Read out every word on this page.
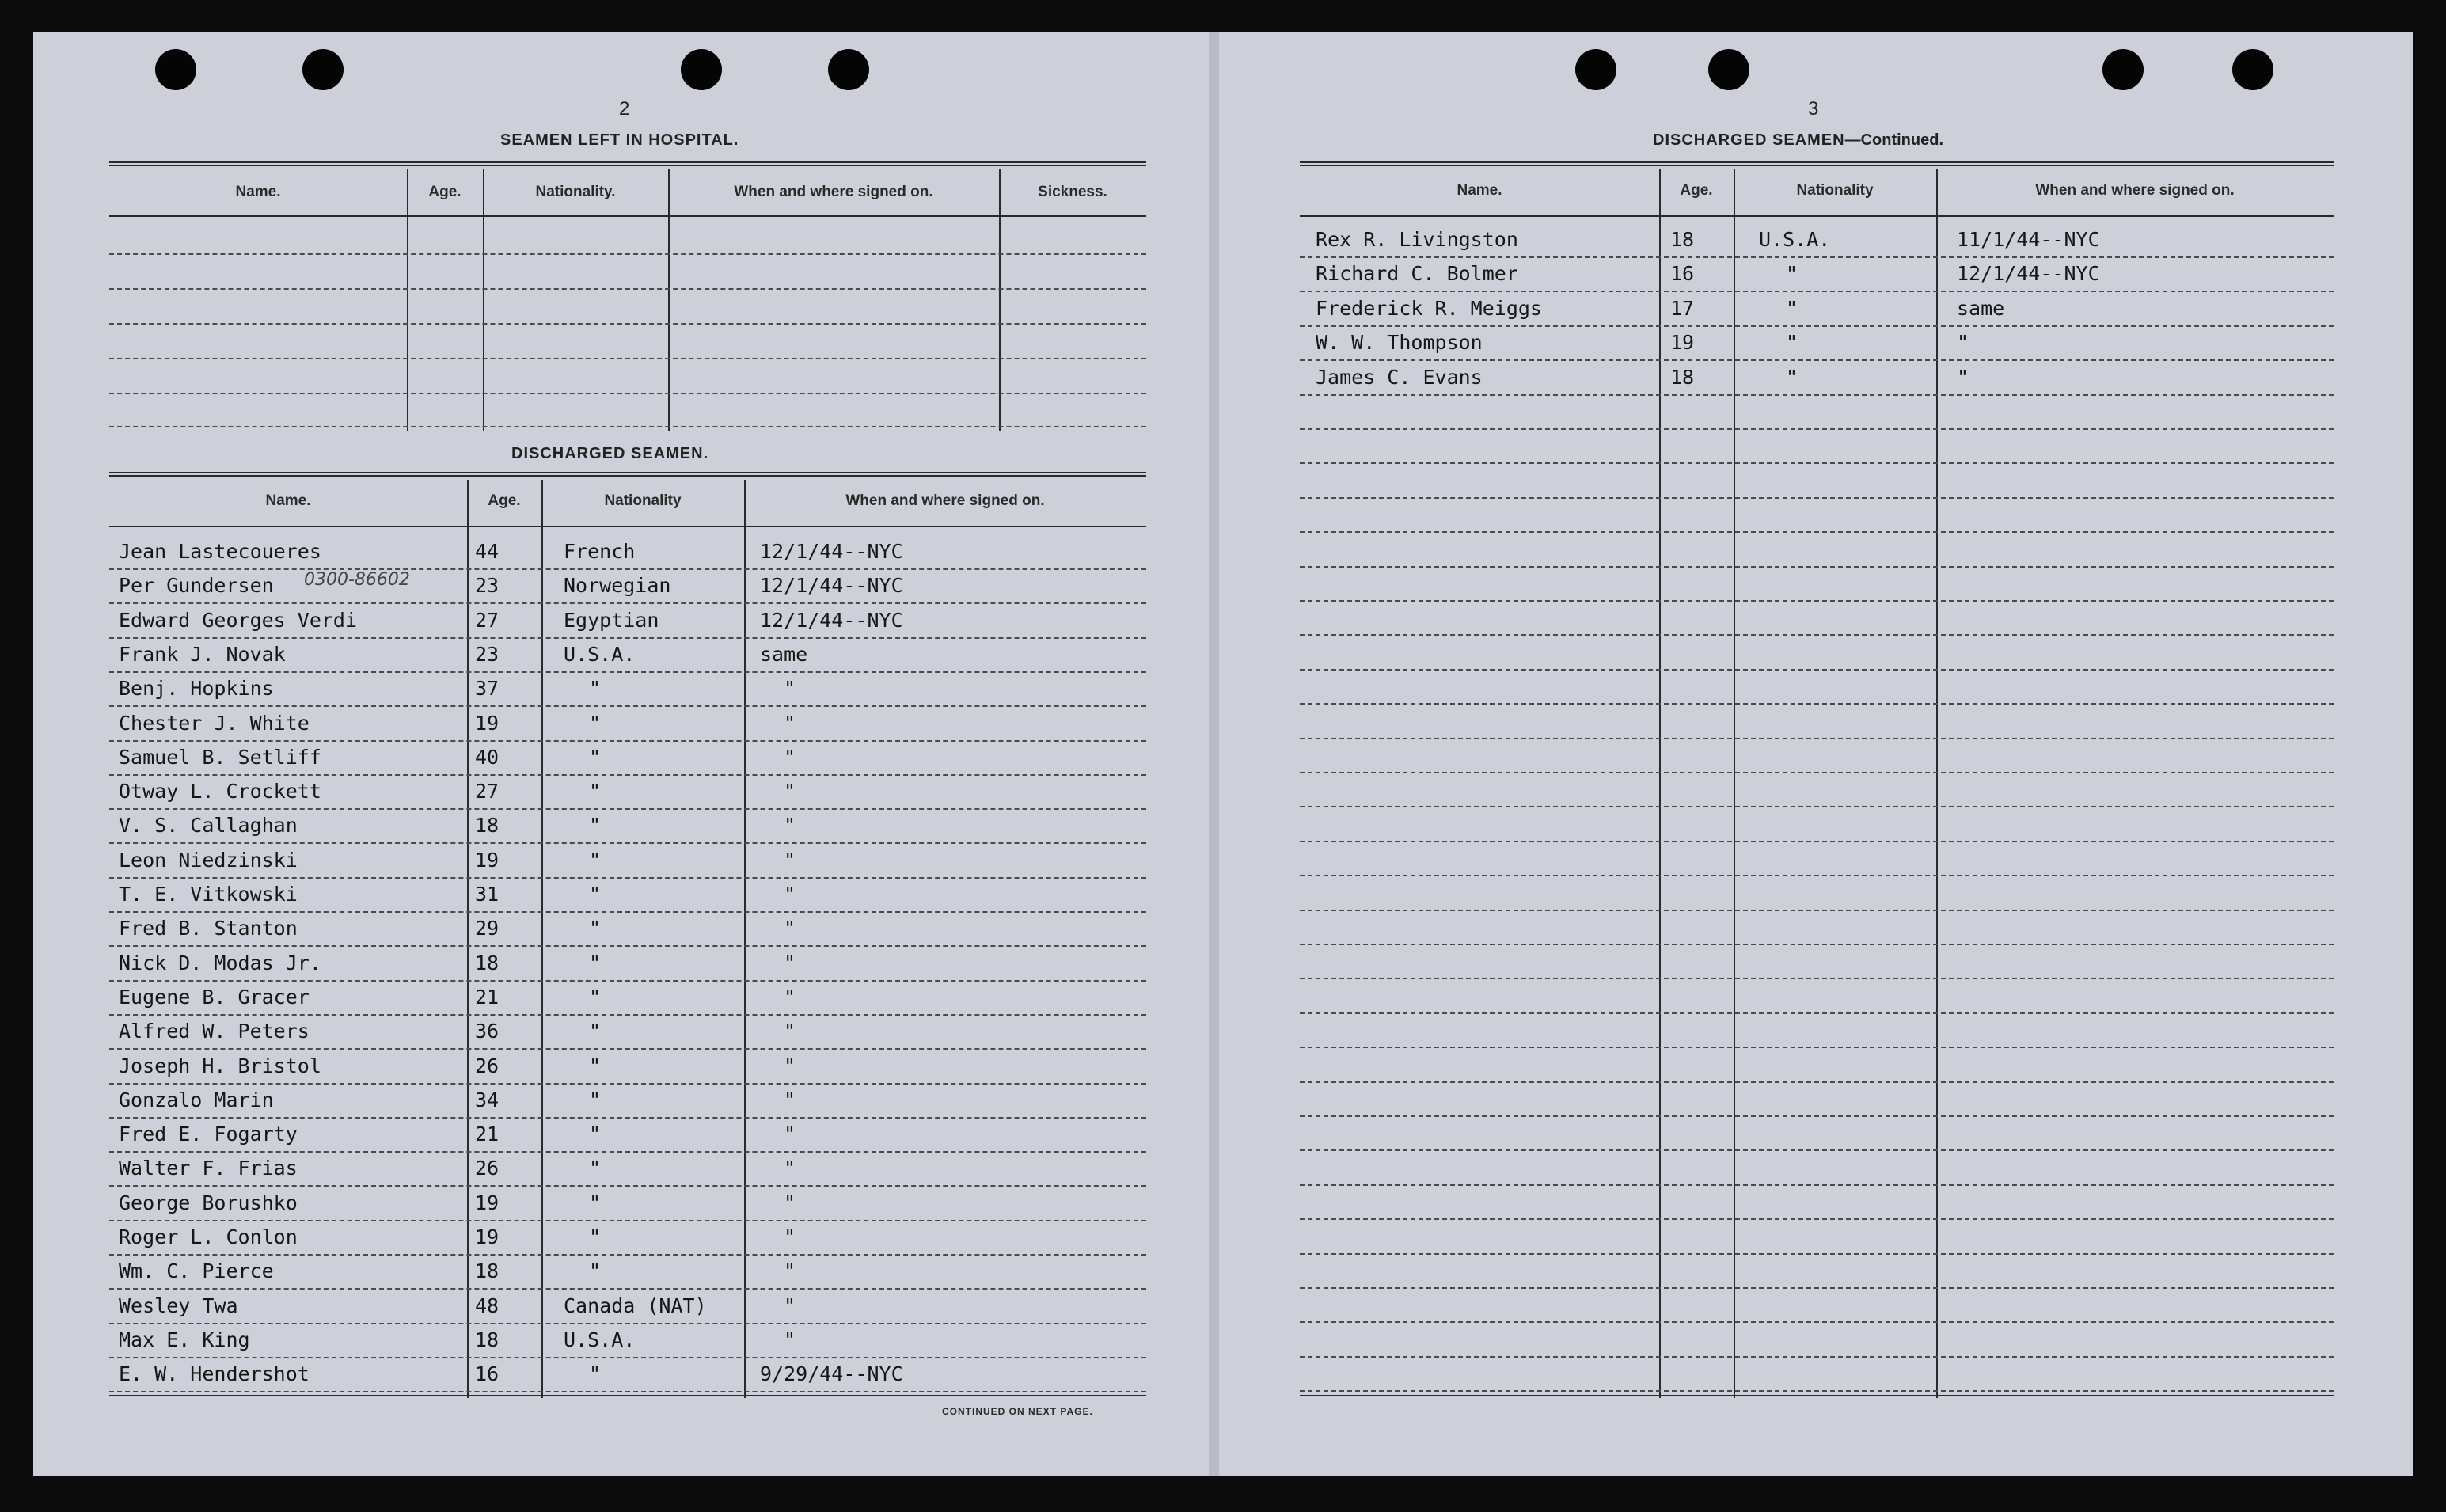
2
SEAMEN LEFT IN HOSPITAL.
Name.	Age.	Nationality.	When and where signed on.	Sickness.
DISCHARGED SEAMEN.
Name.	Age.	Nationality	When and where signed on.
0300-86602
Jean Lastecoueres	44	French	12/1/44--NYC
Per Gundersen	23	Norwegian	12/1/44--NYC
Edward Georges Verdi	27	Egyptian	12/1/44--NYC
Frank J. Novak	23	U.S.A.	same
Benj. Hopkins	37	"	"
Chester J. White	19	"	"
Samuel B. Setliff	40	"	"
Otway L. Crockett	27	"	"
V. S. Callaghan	18	"	"
Leon Niedzinski	19	"	"
T. E. Vitkowski	31	"	"
Fred B. Stanton	29	"	"
Nick D. Modas Jr.	18	"	"
Eugene B. Gracer	21	"	"
Alfred W. Peters	36	"	"
Joseph H. Bristol	26	"	"
Gonzalo Marin	34	"	"
Fred E. Fogarty	21	"	"
Walter F. Frias	26	"	"
George Borushko	19	"	"
Roger L. Conlon	19	"	"
Wm. C. Pierce	18	"	"
Wesley Twa	48	Canada (NAT)	"
Max E. King	18	U.S.A.	"
E. W. Hendershot	16	"	9/29/44--NYC
CONTINUED ON NEXT PAGE.
3
DISCHARGED SEAMEN—Continued.
Name.	Age.	Nationality	When and where signed on.
Rex R. Livingston	18	U.S.A.	11/1/44--NYC
Richard C. Bolmer	16	"	12/1/44--NYC
Frederick R. Meiggs	17	"	same
W. W. Thompson	19	"	"
James C. Evans	18	"	"
